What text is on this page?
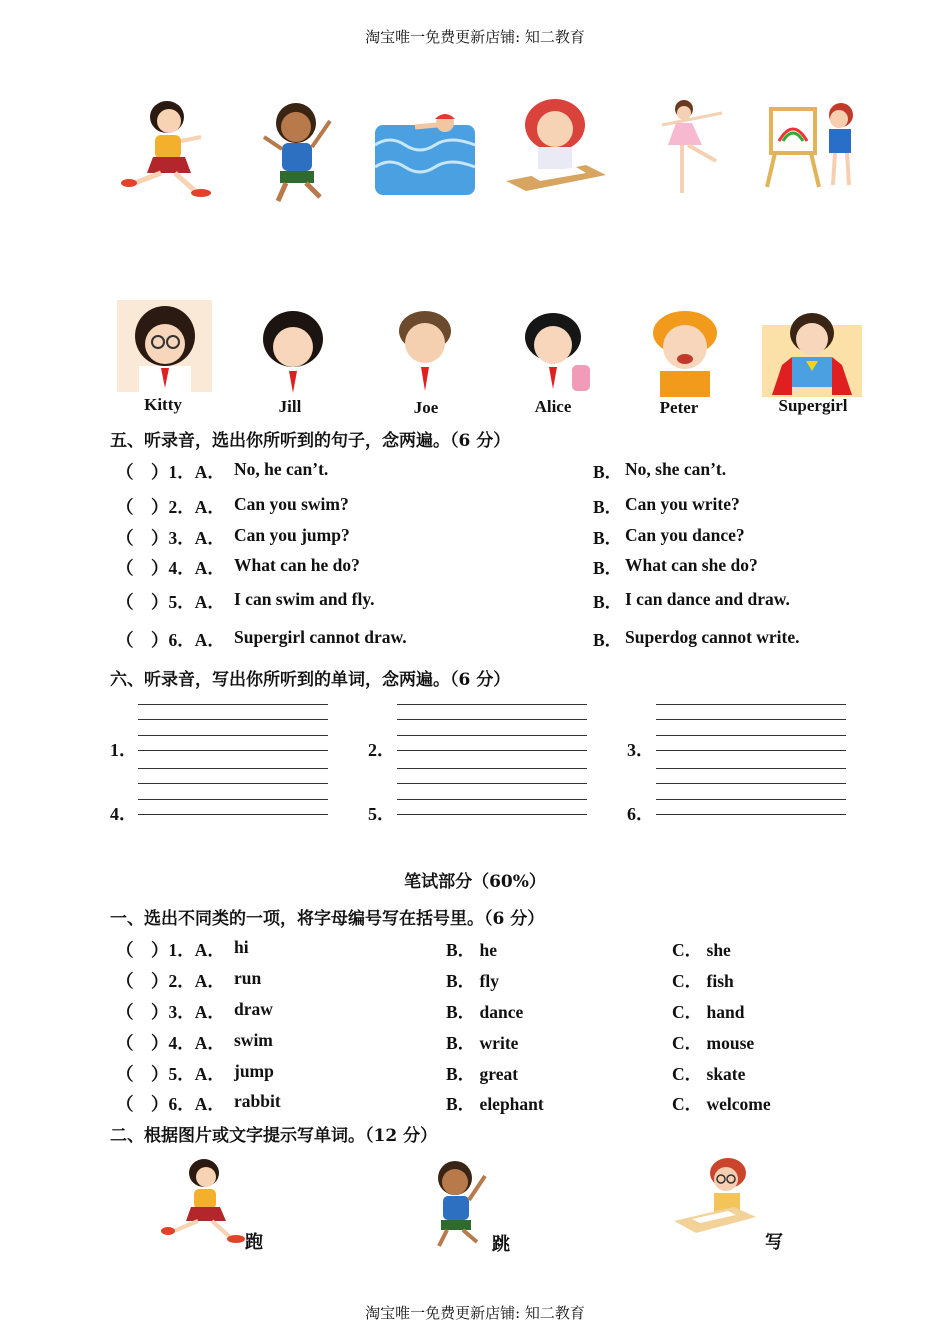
淘宝唯一免费更新店铺: 知二教育
Kitty	Jill	Joe	Alice	Peter	Supergirl
五、听录音，选出你所听到的句子，念两遍。（6 分）
（　）1．A． No, he can’t.	B． No, she can’t.
（　）2．A． Can you swim?	B． Can you write?
（　）3．A． Can you jump?	B． Can you dance?
（　）4．A． What can he do?	B． What can she do?
（　）5．A． I can swim and fly.	B． I can dance and draw.
（　）6．A． Supergirl cannot draw.	B． Superdog cannot write.
六、听录音，写出你所听到的单词，念两遍。（6 分）
1．	2．	3．
4．	5．	6．
笔试部分（60%）
一、选出不同类的一项，将字母编号写在括号里。（6 分）
（　）1．A． hi	B． he	C． she
（　）2．A． run	B． fly	C． fish
（　）3．A． draw	B． dance	C． hand
（　）4．A． swim	B． write	C． mouse
（　）5．A． jump	B． great	C． skate
（　）6．A． rabbit	B． elephant	C． welcome
二、根据图片或文字提示写单词。（12 分）
跑	跳	写
淘宝唯一免费更新店铺: 知二教育
